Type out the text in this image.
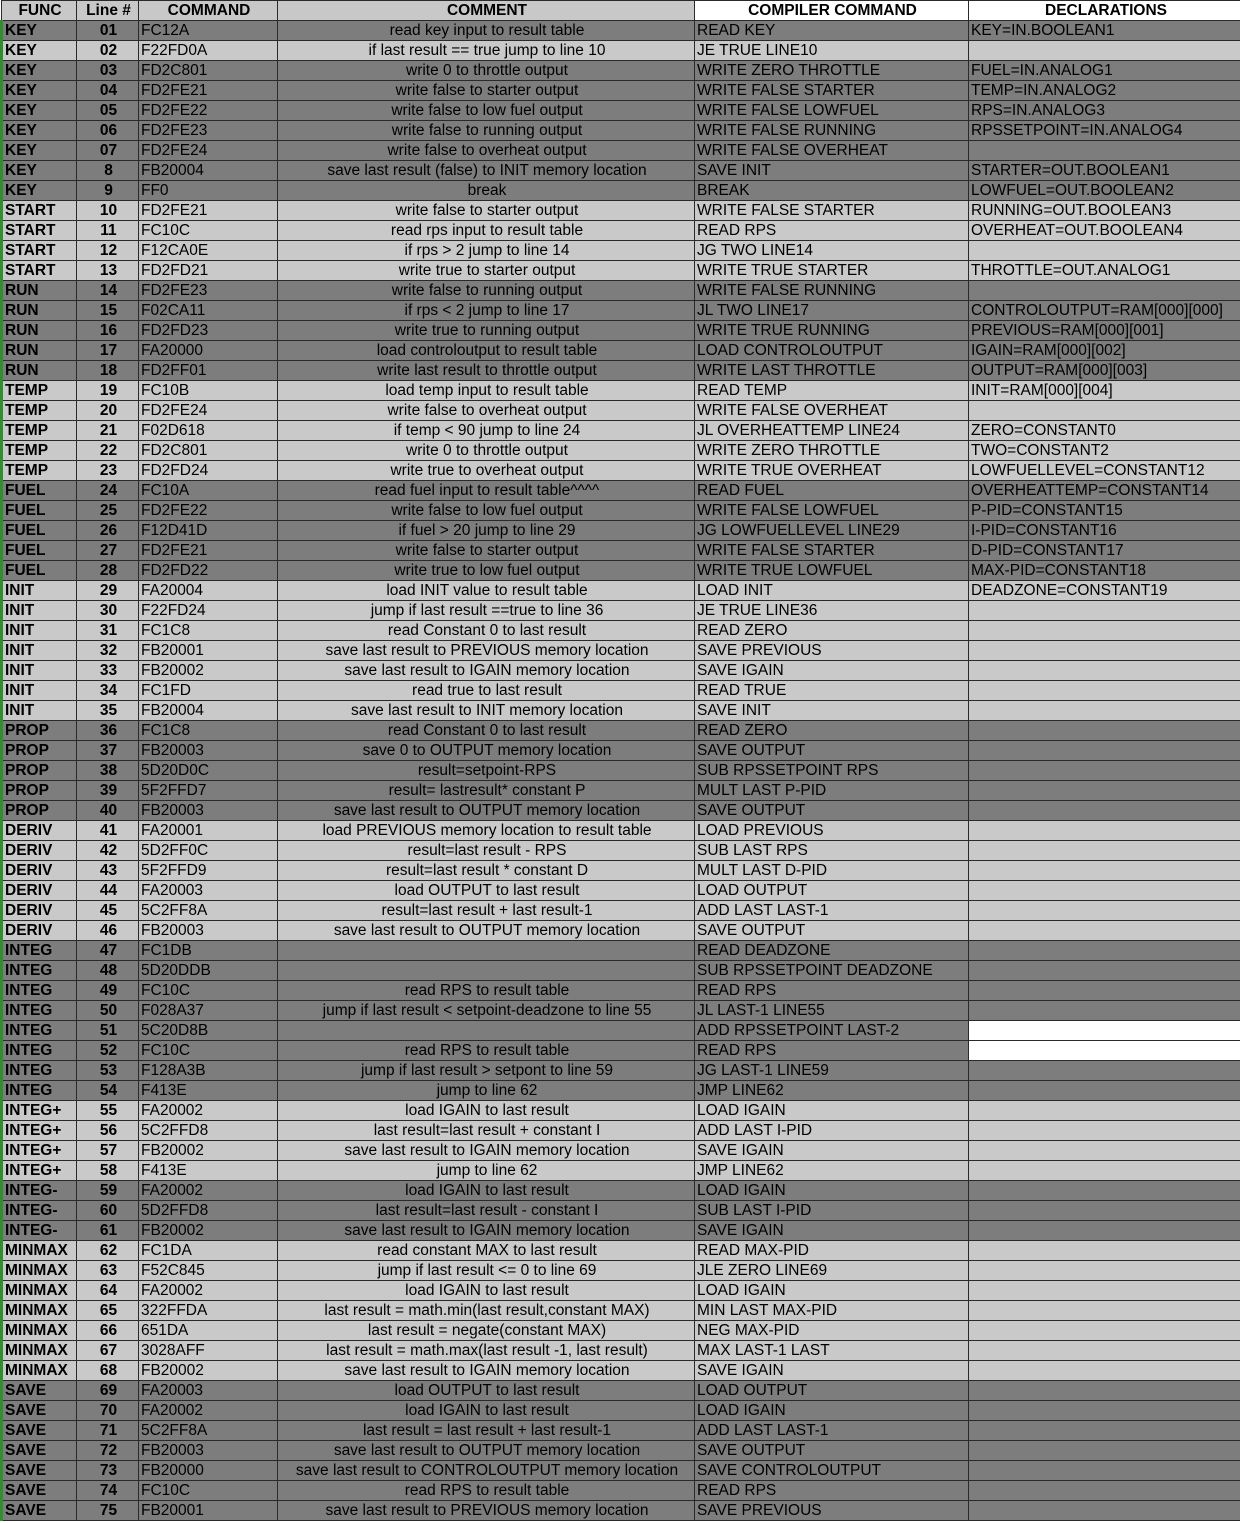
FUNC	Line #	COMMAND	COMMENT	COMPILER COMMAND	DECLARATIONS
KEY	01	FC12A	read key input to result table	READ KEY	KEY=IN.BOOLEAN1
KEY	02	F22FD0A	if last result == true jump to line 10	JE TRUE LINE10	
KEY	03	FD2C801	write 0 to throttle output	WRITE ZERO THROTTLE	FUEL=IN.ANALOG1
KEY	04	FD2FE21	write false to starter output	WRITE FALSE STARTER	TEMP=IN.ANALOG2
KEY	05	FD2FE22	write false to low fuel output	WRITE FALSE LOWFUEL	RPS=IN.ANALOG3
KEY	06	FD2FE23	write false to running output	WRITE FALSE RUNNING	RPSSETPOINT=IN.ANALOG4
KEY	07	FD2FE24	write false to overheat output	WRITE FALSE OVERHEAT	
KEY	8	FB20004	save last result (false) to INIT memory location	SAVE INIT	STARTER=OUT.BOOLEAN1
KEY	9	FF0	break	BREAK	LOWFUEL=OUT.BOOLEAN2
START	10	FD2FE21	write false to starter output	WRITE FALSE STARTER	RUNNING=OUT.BOOLEAN3
START	11	FC10C	read rps input to result table	READ RPS	OVERHEAT=OUT.BOOLEAN4
START	12	F12CA0E	if rps > 2 jump to line 14	JG TWO LINE14	
START	13	FD2FD21	write true to starter output	WRITE TRUE STARTER	THROTTLE=OUT.ANALOG1
RUN	14	FD2FE23	write false to running output	WRITE FALSE RUNNING	
RUN	15	F02CA11	if rps < 2 jump to line 17	JL TWO LINE17	CONTROLOUTPUT=RAM[000][000]
RUN	16	FD2FD23	write true to running output	WRITE TRUE RUNNING	PREVIOUS=RAM[000][001]
RUN	17	FA20000	load controloutput to result table	LOAD CONTROLOUTPUT	IGAIN=RAM[000][002]
RUN	18	FD2FF01	write last result to throttle output	WRITE LAST THROTTLE	OUTPUT=RAM[000][003]
TEMP	19	FC10B	load temp input to result table	READ TEMP	INIT=RAM[000][004]
TEMP	20	FD2FE24	write false to overheat output	WRITE FALSE OVERHEAT	
TEMP	21	F02D618	if temp < 90 jump to line 24	JL OVERHEATTEMP LINE24	ZERO=CONSTANT0
TEMP	22	FD2C801	write 0 to throttle output	WRITE ZERO THROTTLE	TWO=CONSTANT2
TEMP	23	FD2FD24	write true to overheat output	WRITE TRUE OVERHEAT	LOWFUELLEVEL=CONSTANT12
FUEL	24	FC10A	read fuel input to result table^^^^	READ FUEL	OVERHEATTEMP=CONSTANT14
FUEL	25	FD2FE22	write false to low fuel output	WRITE FALSE LOWFUEL	P-PID=CONSTANT15
FUEL	26	F12D41D	if fuel > 20 jump to line 29	JG LOWFUELLEVEL LINE29	I-PID=CONSTANT16
FUEL	27	FD2FE21	write false to starter output	WRITE FALSE STARTER	D-PID=CONSTANT17
FUEL	28	FD2FD22	write true to low fuel output	WRITE TRUE LOWFUEL	MAX-PID=CONSTANT18
INIT	29	FA20004	load INIT value to result table	LOAD INIT	DEADZONE=CONSTANT19
INIT	30	F22FD24	jump if last result ==true to line 36	JE TRUE LINE36	
INIT	31	FC1C8	read Constant 0 to last result	READ ZERO	
INIT	32	FB20001	save last result to PREVIOUS memory location	SAVE PREVIOUS	
INIT	33	FB20002	save last result to IGAIN memory location	SAVE IGAIN	
INIT	34	FC1FD	read true to last result	READ TRUE	
INIT	35	FB20004	save last result to INIT memory location	SAVE INIT	
PROP	36	FC1C8	read Constant 0 to last result	READ ZERO	
PROP	37	FB20003	save 0 to OUTPUT memory location	SAVE OUTPUT	
PROP	38	5D20D0C	result=setpoint-RPS	SUB RPSSETPOINT RPS	
PROP	39	5F2FFD7	result= lastresult* constant P	MULT LAST P-PID	
PROP	40	FB20003	save last result to OUTPUT memory location	SAVE OUTPUT	
DERIV	41	FA20001	load PREVIOUS memory location to result table	LOAD PREVIOUS	
DERIV	42	5D2FF0C	result=last result - RPS	SUB LAST RPS	
DERIV	43	5F2FFD9	result=last result * constant D	MULT LAST D-PID	
DERIV	44	FA20003	load OUTPUT to last result	LOAD OUTPUT	
DERIV	45	5C2FF8A	result=last result + last result-1	ADD LAST LAST-1	
DERIV	46	FB20003	save last result to OUTPUT memory location	SAVE OUTPUT	
INTEG	47	FC1DB		READ DEADZONE	
INTEG	48	5D20DDB		SUB RPSSETPOINT DEADZONE	
INTEG	49	FC10C	read RPS to result table	READ RPS	
INTEG	50	F028A37	jump if last result < setpoint-deadzone to line 55	JL LAST-1 LINE55	
INTEG	51	5C20D8B		ADD RPSSETPOINT LAST-2	
INTEG	52	FC10C	read RPS to result table	READ RPS	
INTEG	53	F128A3B	jump if last result > setpont to line 59	JG LAST-1 LINE59	
INTEG	54	F413E	jump to line 62	JMP LINE62	
INTEG+	55	FA20002	load IGAIN to last result	LOAD IGAIN	
INTEG+	56	5C2FFD8	last result=last result + constant I	ADD LAST I-PID	
INTEG+	57	FB20002	save last result to IGAIN memory location	SAVE IGAIN	
INTEG+	58	F413E	jump to line 62	JMP LINE62	
INTEG-	59	FA20002	load IGAIN to last result	LOAD IGAIN	
INTEG-	60	5D2FFD8	last result=last result - constant I	SUB LAST I-PID	
INTEG-	61	FB20002	save last result to IGAIN memory location	SAVE IGAIN	
MINMAX	62	FC1DA	read constant MAX to last result	READ MAX-PID	
MINMAX	63	F52C845	jump if last result <= 0 to line 69	JLE ZERO LINE69	
MINMAX	64	FA20002	load IGAIN to last result	LOAD IGAIN	
MINMAX	65	322FFDA	last result = math.min(last result,constant MAX)	MIN LAST MAX-PID	
MINMAX	66	651DA	last result = negate(constant MAX)	NEG MAX-PID	
MINMAX	67	3028AFF	last result = math.max(last result -1, last result)	MAX LAST-1 LAST	
MINMAX	68	FB20002	save last result to IGAIN memory location	SAVE IGAIN	
SAVE	69	FA20003	load OUTPUT to last result	LOAD OUTPUT	
SAVE	70	FA20002	load IGAIN to last result	LOAD IGAIN	
SAVE	71	5C2FF8A	last result = last result + last result-1	ADD LAST LAST-1	
SAVE	72	FB20003	save last result to OUTPUT memory location	SAVE OUTPUT	
SAVE	73	FB20000	save last result to CONTROLOUTPUT memory location	SAVE CONTROLOUTPUT	
SAVE	74	FC10C	read RPS to result table	READ RPS	
SAVE	75	FB20001	save last result to PREVIOUS memory location	SAVE PREVIOUS	
